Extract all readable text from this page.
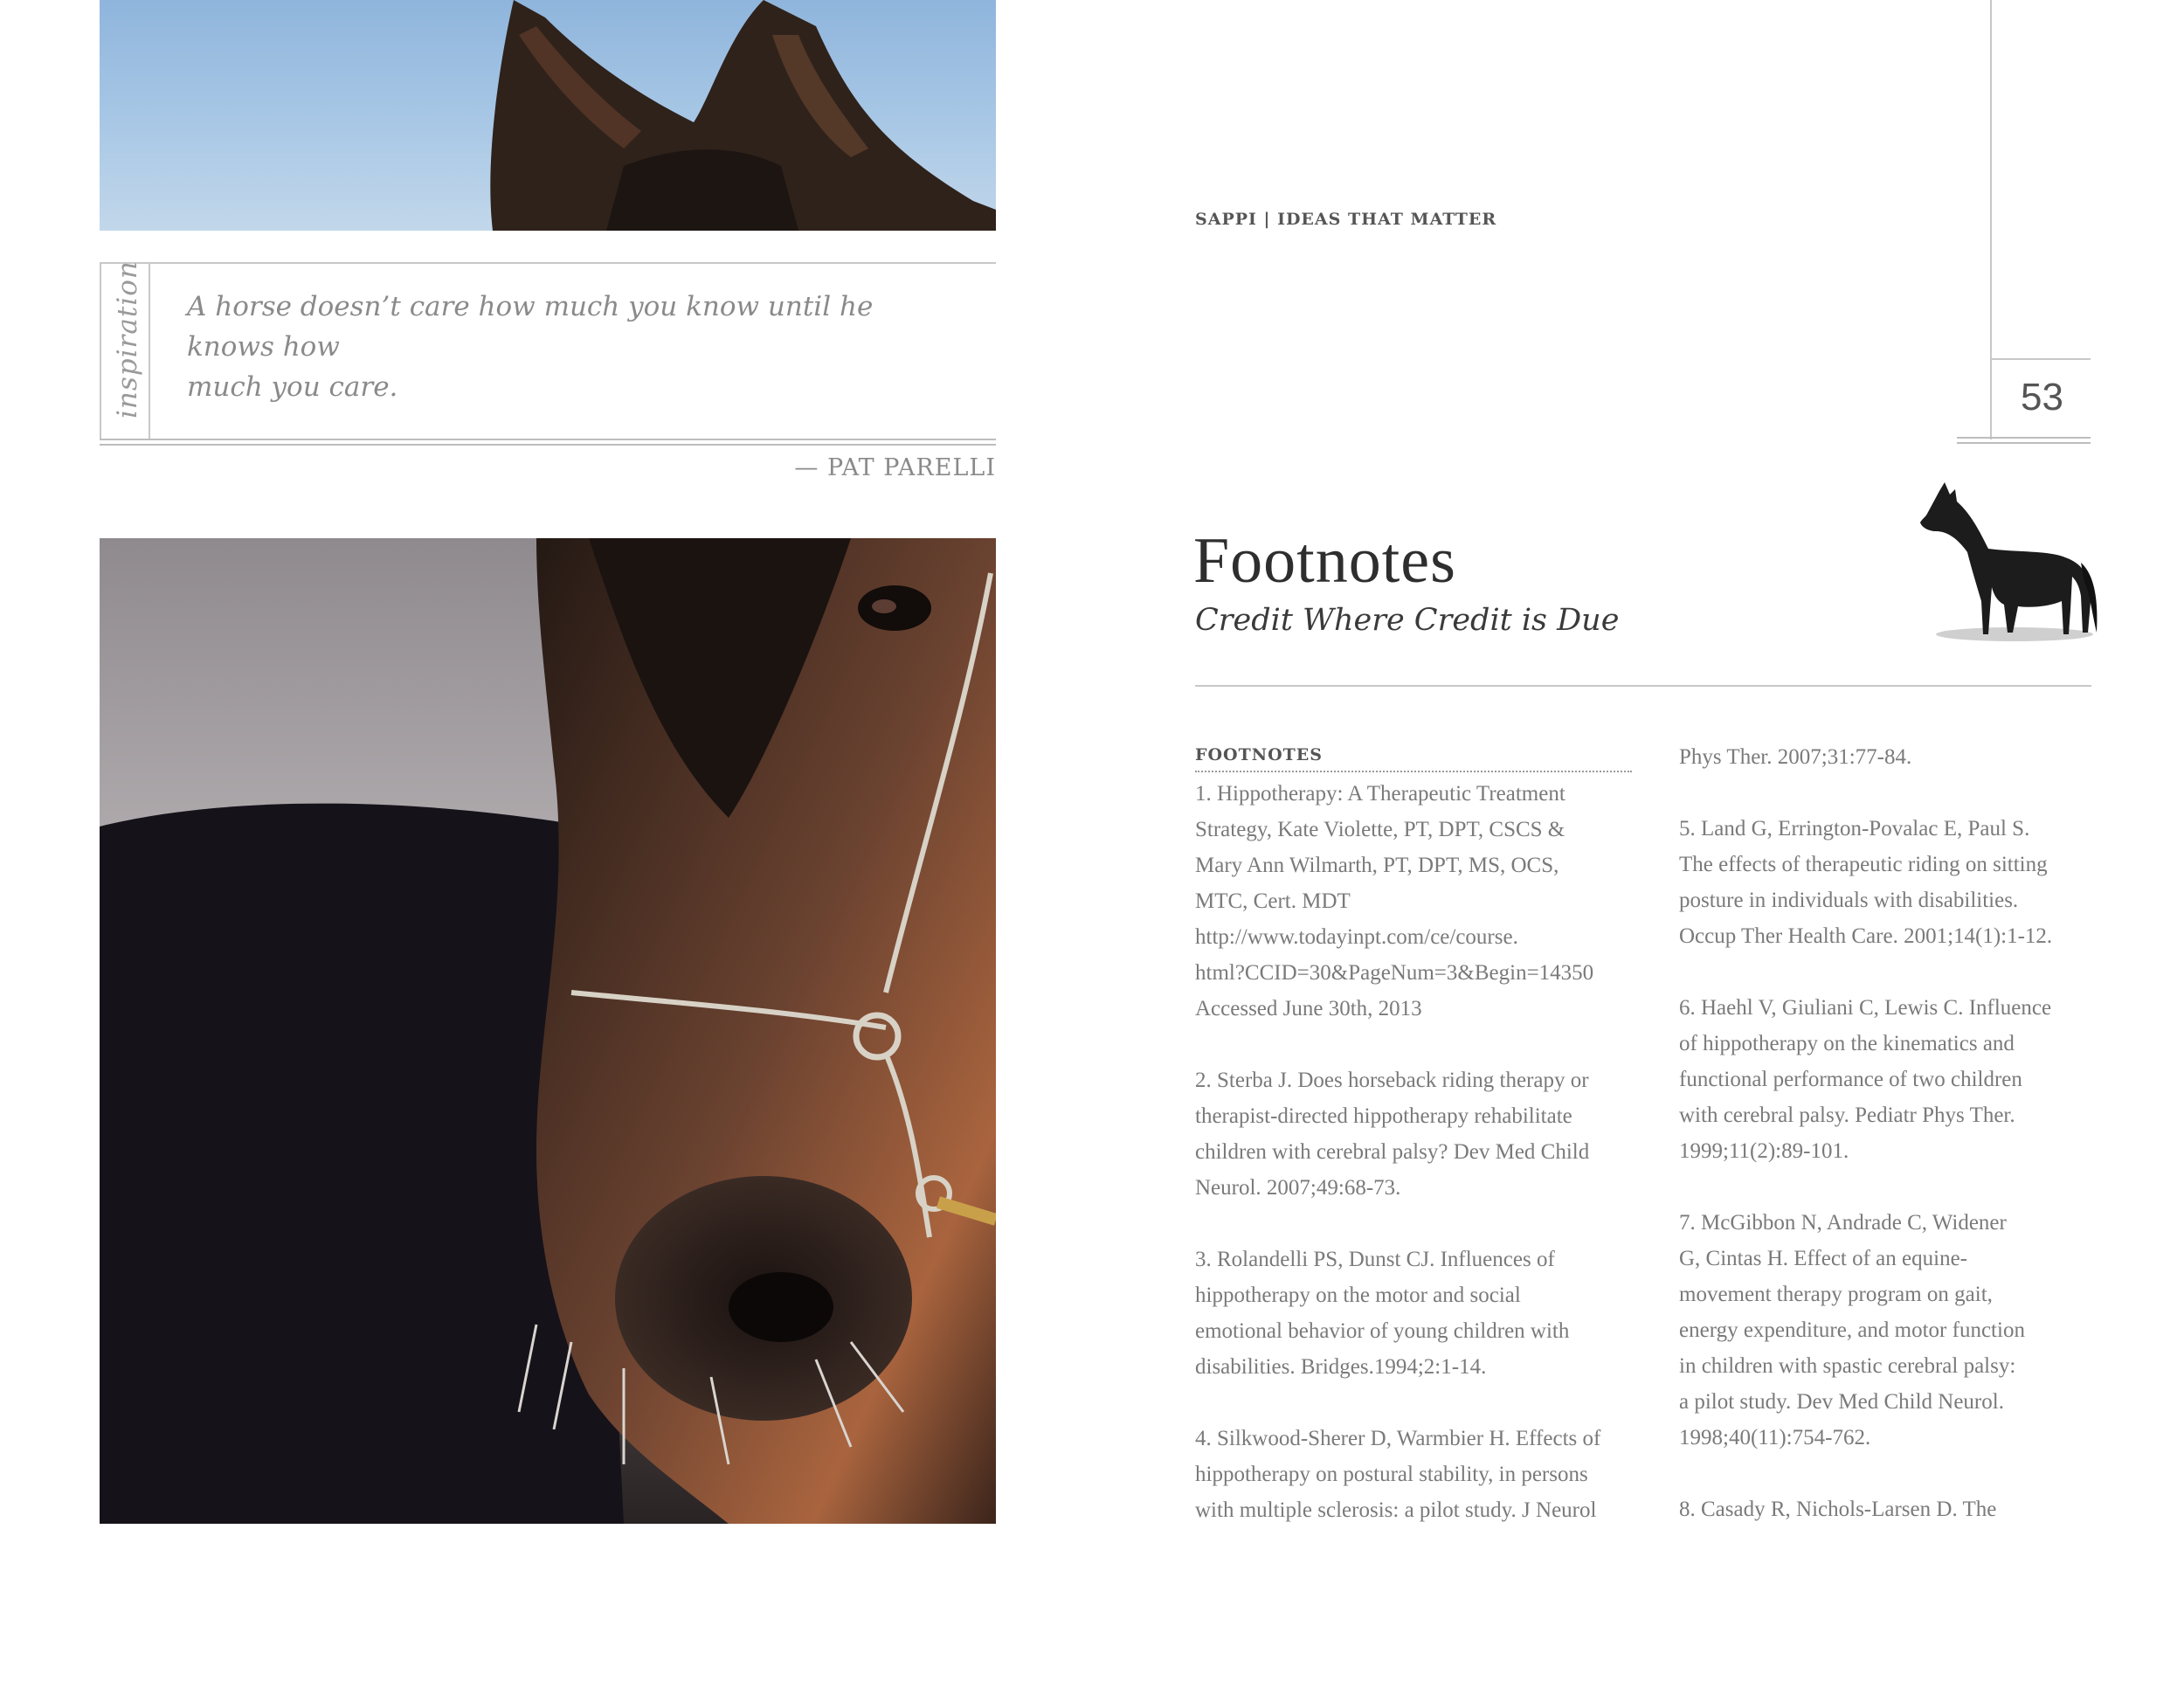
inspiration A horse doesn’t care how much you know until he knows how
much you care.
— PAT PARELLI
SAPPI | IDEAS THAT MATTER
53
Footnotes
Credit Where Credit is Due
FOOTNOTES
1. Hippotherapy: A Therapeutic Treatment
Strategy, Kate Violette, PT, DPT, CSCS &
Mary Ann Wilmarth, PT, DPT, MS, OCS,
MTC, Cert. MDT
http://www.todayinpt.com/ce/course.
html?CCID=30&PageNum=3&Begin=14350
Accessed June 30th, 2013
2. Sterba J. Does horseback riding therapy or
therapist-directed hippotherapy rehabilitate
children with cerebral palsy? Dev Med Child
Neurol. 2007;49:68-73.
3. Rolandelli PS, Dunst CJ. Influences of
hippotherapy on the motor and social
emotional behavior of young children with
disabilities. Bridges.1994;2:1-14.
4. Silkwood-Sherer D, Warmbier H. Effects of
hippotherapy on postural stability, in persons
with multiple sclerosis: a pilot study. J Neurol
Phys Ther. 2007;31:77-84.
5. Land G, Errington-Povalac E, Paul S.
The effects of therapeutic riding on sitting
posture in individuals with disabilities.
Occup Ther Health Care. 2001;14(1):1-12.
6. Haehl V, Giuliani C, Lewis C. Influence
of hippotherapy on the kinematics and
functional performance of two children
with cerebral palsy. Pediatr Phys Ther.
1999;11(2):89-101.
7. McGibbon N, Andrade C, Widener
G, Cintas H. Effect of an equine-
movement therapy program on gait,
energy expenditure, and motor function
in children with spastic cerebral palsy:
a pilot study. Dev Med Child Neurol.
1998;40(11):754-762.
8. Casady R, Nichols-Larsen D. The
